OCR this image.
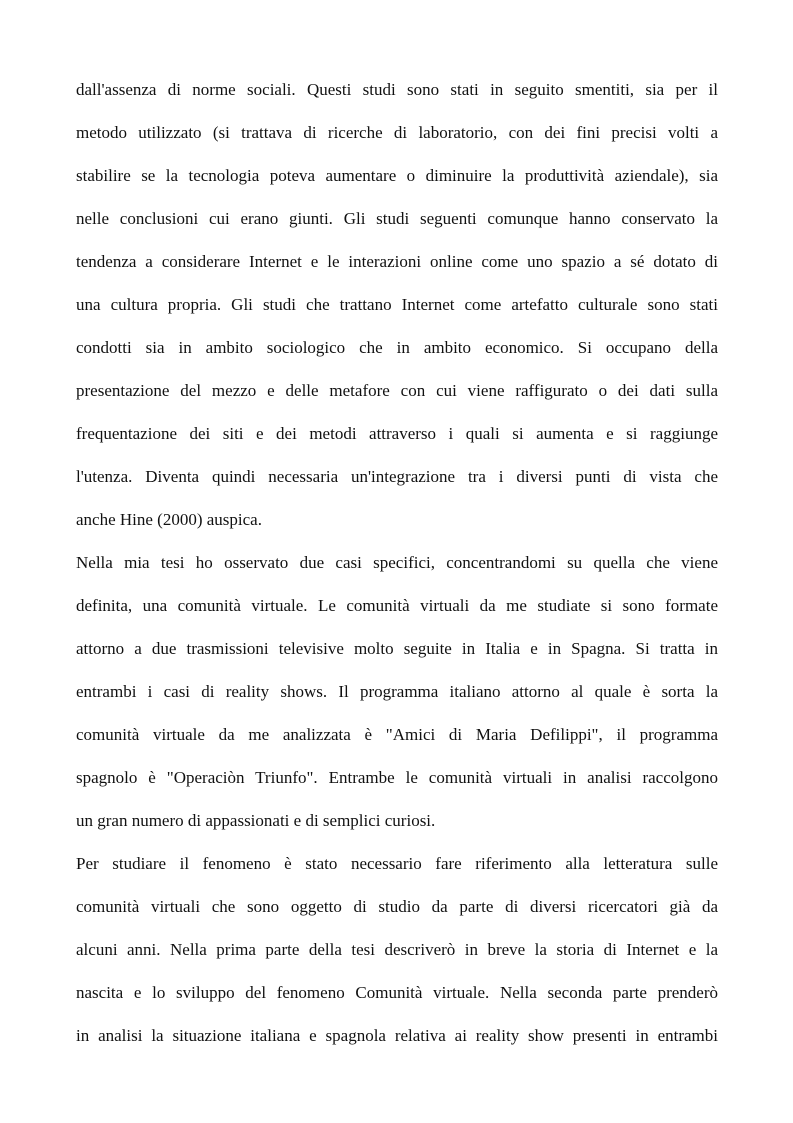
dall'assenza di norme sociali. Questi studi sono stati in seguito smentiti, sia per il
metodo utilizzato (si trattava di ricerche di laboratorio, con dei fini precisi volti a
stabilire se la tecnologia poteva aumentare o diminuire la produttività aziendale), sia
nelle conclusioni cui erano giunti. Gli studi seguenti comunque hanno conservato la
tendenza a considerare Internet e le interazioni online come uno spazio a sé dotato di
una cultura propria. Gli studi che trattano Internet come artefatto culturale sono stati
condotti sia in ambito sociologico che in ambito economico. Si occupano della
presentazione del mezzo e delle metafore con cui viene raffigurato o dei dati sulla
frequentazione dei siti e dei metodi attraverso i quali si aumenta e si raggiunge
l'utenza. Diventa quindi necessaria un'integrazione tra i diversi punti di vista che
anche Hine (2000) auspica.
Nella mia tesi ho osservato due casi specifici, concentrandomi su quella che viene
definita, una comunità virtuale. Le comunità virtuali da me studiate si sono formate
attorno a due trasmissioni televisive molto seguite in Italia e in Spagna. Si tratta in
entrambi i casi di reality shows. Il programma italiano attorno al quale è sorta la
comunità virtuale da me analizzata è "Amici di Maria Defilippi", il programma
spagnolo è "Operaciòn Triunfo". Entrambe le comunità virtuali in analisi raccolgono
un gran numero di appassionati e di semplici curiosi.
Per studiare il fenomeno è stato necessario fare riferimento alla letteratura sulle
comunità virtuali che sono oggetto di studio da parte di diversi ricercatori già da
alcuni anni. Nella prima parte della tesi descriverò in breve la storia di Internet e la
nascita e lo sviluppo del fenomeno Comunità virtuale. Nella seconda parte prenderò
in analisi la situazione italiana e spagnola relativa ai reality show presenti in entrambi
